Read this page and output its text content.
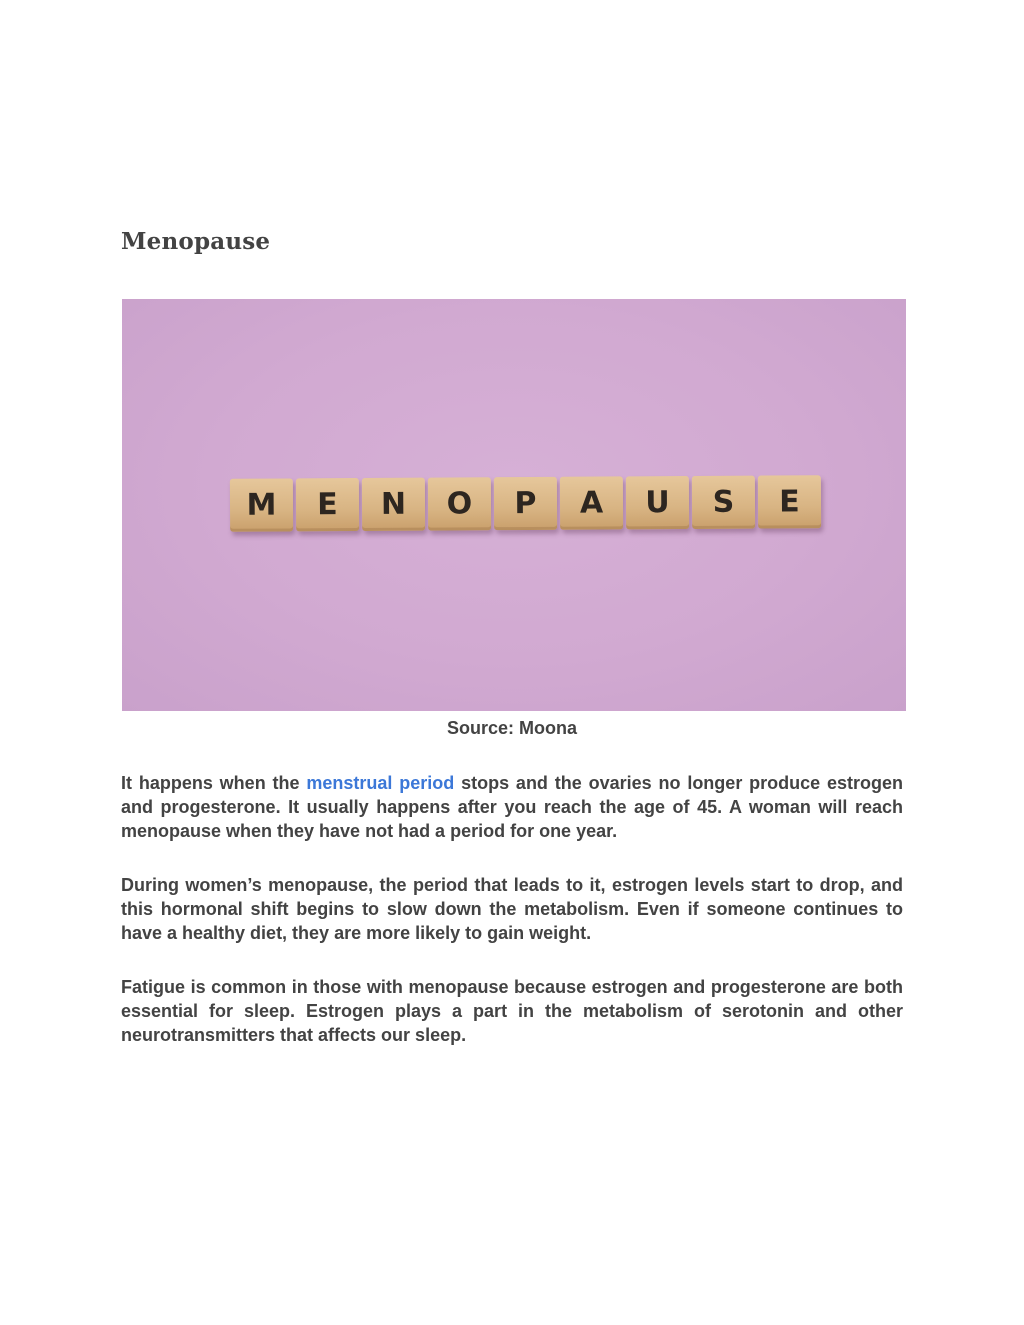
Menopause
M	E	N	O	P	A	U	S	E

Source: Moona

It happens when the menstrual period stops and the ovaries no longer produce estrogen and progesterone. It usually happens after you reach the age of 45. A woman will reach menopause when they have not had a period for one year.

During women’s menopause, the period that leads to it, estrogen levels start to drop, and this hormonal shift begins to slow down the metabolism. Even if someone continues to have a healthy diet, they are more likely to gain weight.

Fatigue is common in those with menopause because estrogen and progesterone are both essential for sleep. Estrogen plays a part in the metabolism of serotonin and other neurotransmitters that affects our sleep.
